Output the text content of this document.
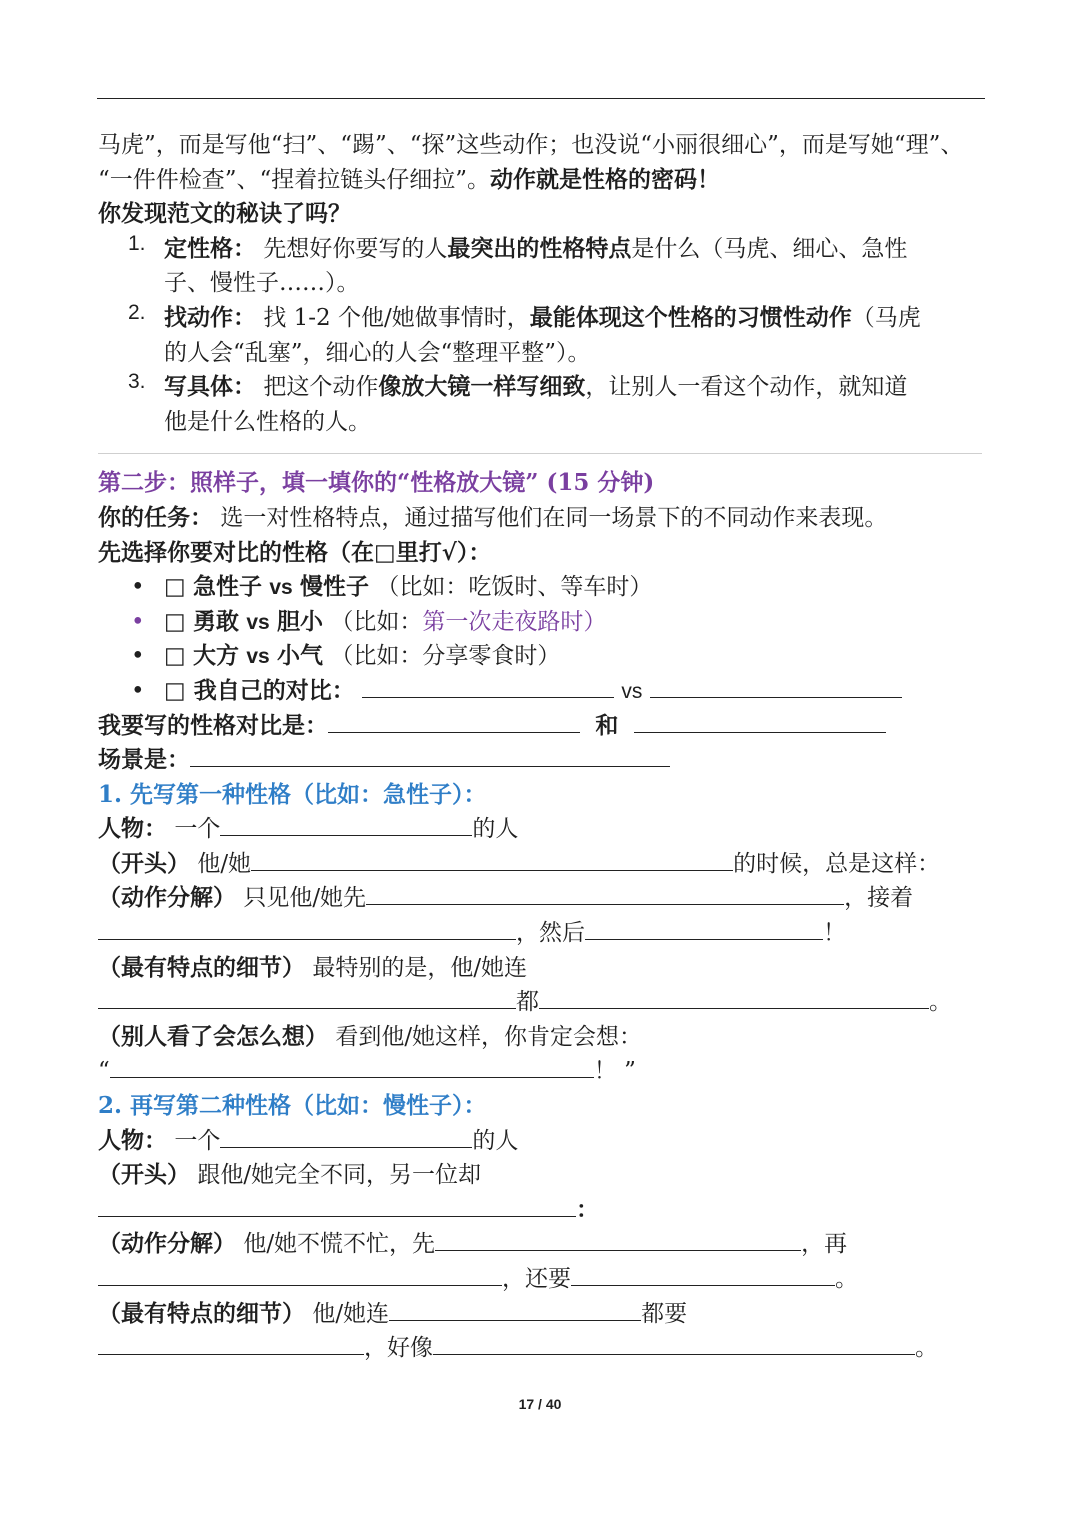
马虎”，而是写他“扫”、“踢”、“探”这些动作；也没说“小丽很细心”，而是写她“理”、
“一件件检查”、“捏着拉链头仔细拉”。动作就是性格的密码！
你发现范文的秘诀了吗？
1. 定性格： 先想好你要写的人最突出的性格特点是什么（马虎、细心、急性
子、慢性子……）。
2. 找动作： 找 1-2 个他/她做事情时，最能体现这个性格的习惯性动作（马虎
的人会“乱塞”，细心的人会“整理平整”）。
3. 写具体： 把这个动作像放大镜一样写细致，让别人一看这个动作，就知道
他是什么性格的人。
第二步：照样子，填一填你的“性格放大镜” (15 分钟)
你的任务： 选一对性格特点，通过描写他们在同一场景下的不同动作来表现。
先选择你要对比的性格（在□里打√）：
• □ 急性子 vs 慢性子 （比如：吃饭时、等车时）
• □ 勇敢 vs 胆小 （比如：第一次走夜路时）
• □ 大方 vs 小气 （比如：分享零食时）
• □ 我自己的对比：	vs
我要写的性格对比是：	和
场景是：
1. 先写第一种性格（比如：急性子）：
人物： 一个	的人
（开头） 他/她	的时候，总是这样：
（动作分解） 只见他/她先	，接着
，然后	！
（最有特点的细节） 最特别的是，他/她连
都	。
（别人看了会怎么想） 看到他/她这样，你肯定会想：
“	！ ”
2. 再写第二种性格（比如：慢性子）：
人物： 一个	的人
（开头） 跟他/她完全不同，另一位却
：
（动作分解） 他/她不慌不忙，先	，再
，还要	。
（最有特点的细节） 他/她连	都要
，好像	。
17 / 40
